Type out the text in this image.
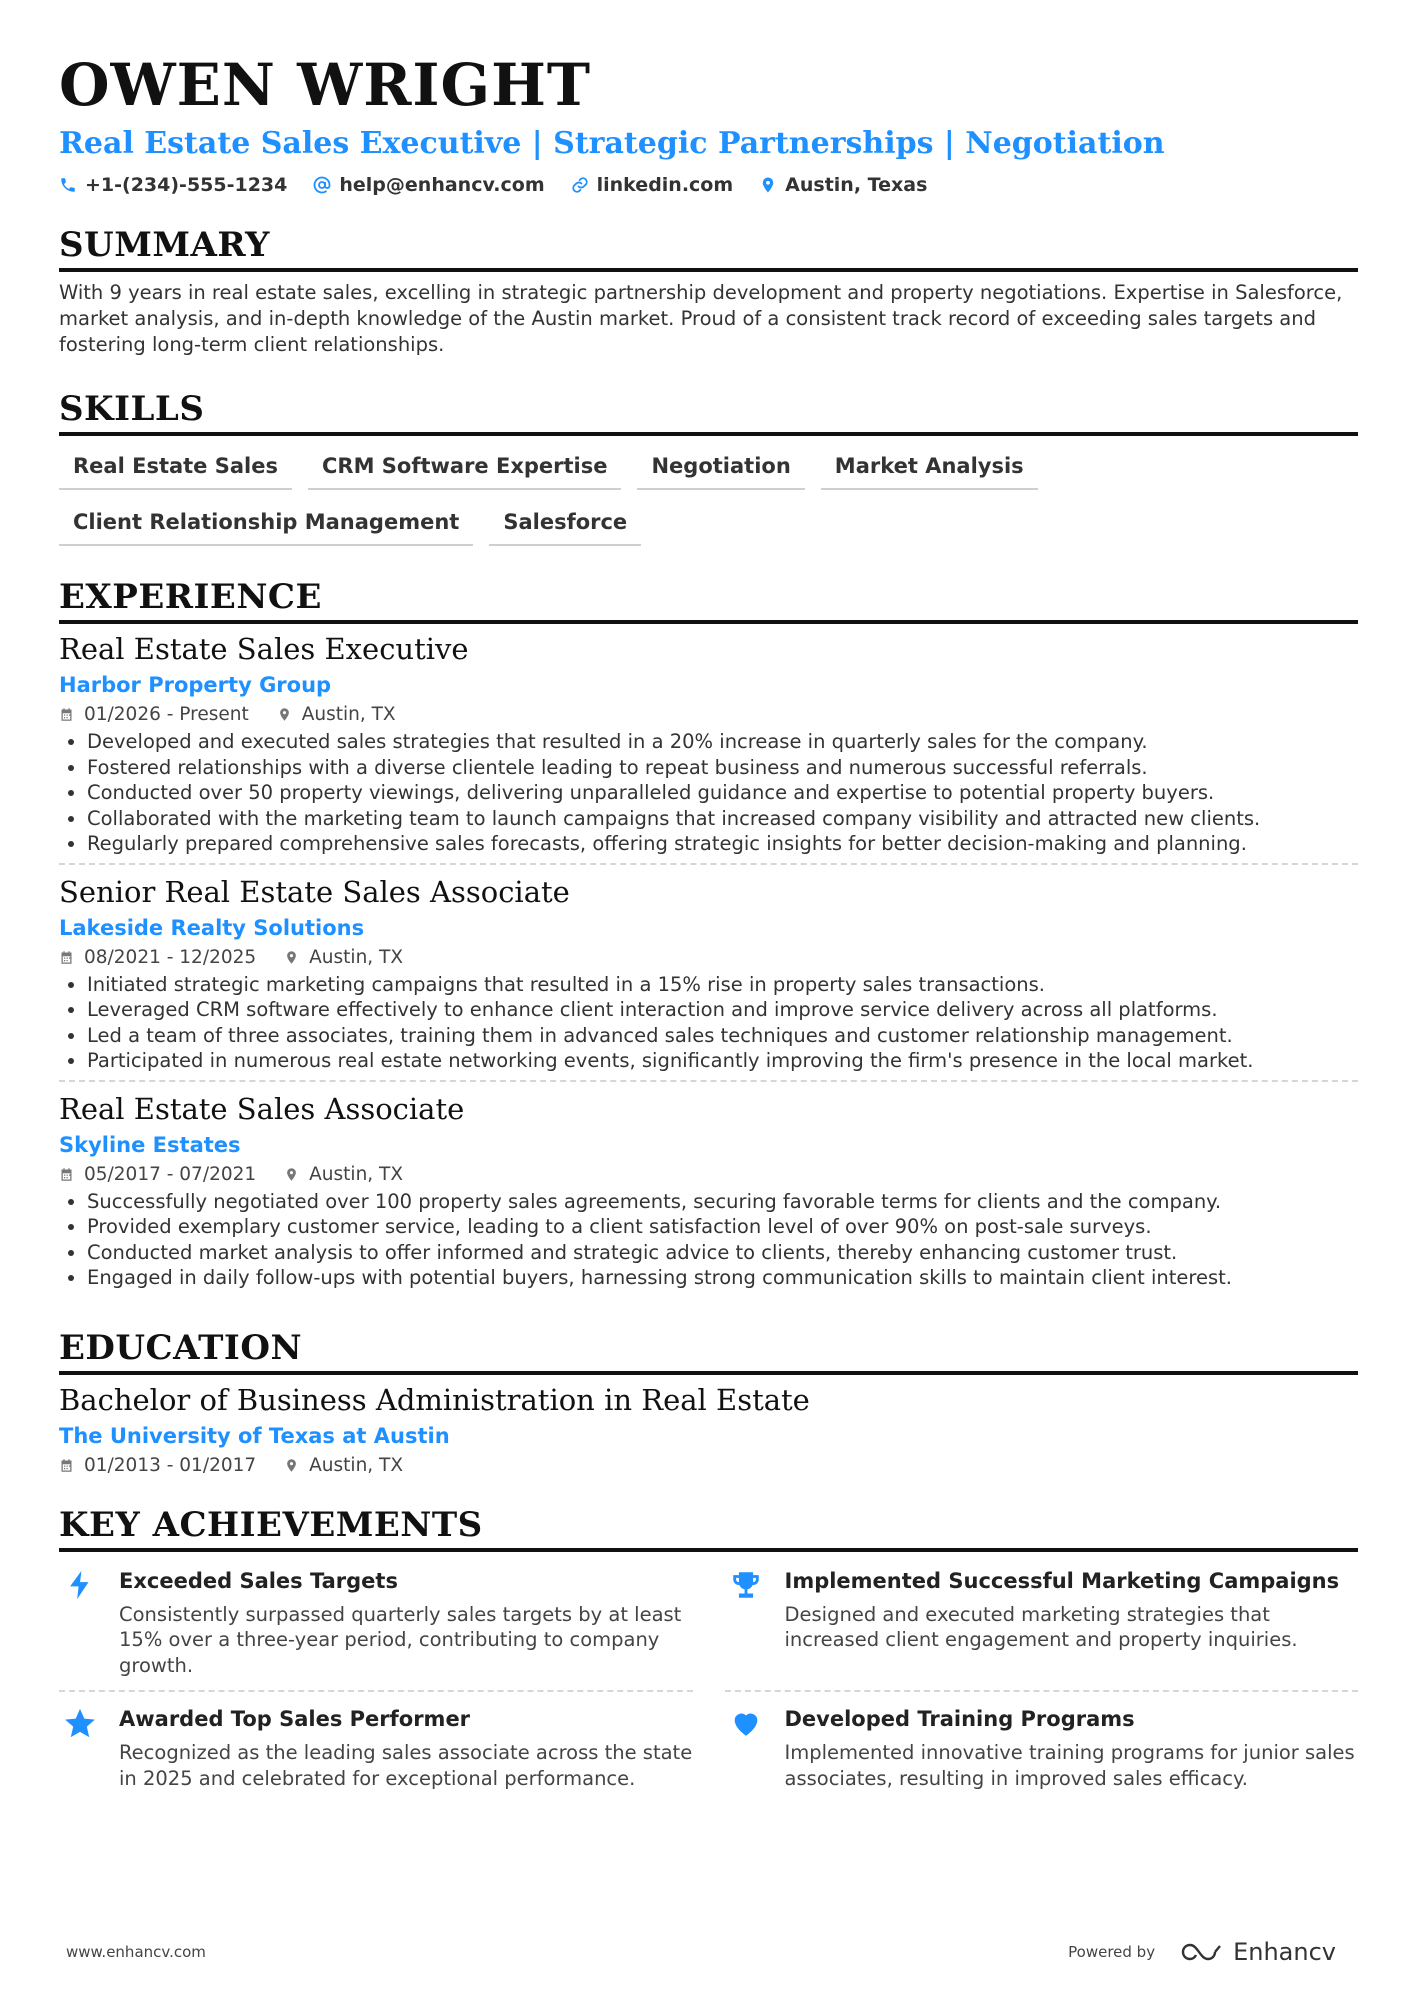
OWEN WRIGHT
Real Estate Sales Executive | Strategic Partnerships | Negotiation
+1-(234)-555-1234	help@enhancv.com	linkedin.com	Austin, Texas
SUMMARY
With 9 years in real estate sales, excelling in strategic partnership development and property negotiations. Expertise in Salesforce, market analysis, and in-depth knowledge of the Austin market. Proud of a consistent track record of exceeding sales targets and fostering long-term client relationships.
SKILLS
Real Estate Sales	CRM Software Expertise	Negotiation	Market Analysis
Client Relationship Management	Salesforce
EXPERIENCE
Real Estate Sales Executive
Harbor Property Group
01/2026 - Present	Austin, TX
• Developed and executed sales strategies that resulted in a 20% increase in quarterly sales for the company.
• Fostered relationships with a diverse clientele leading to repeat business and numerous successful referrals.
• Conducted over 50 property viewings, delivering unparalleled guidance and expertise to potential property buyers.
• Collaborated with the marketing team to launch campaigns that increased company visibility and attracted new clients.
• Regularly prepared comprehensive sales forecasts, offering strategic insights for better decision-making and planning.
Senior Real Estate Sales Associate
Lakeside Realty Solutions
08/2021 - 12/2025	Austin, TX
• Initiated strategic marketing campaigns that resulted in a 15% rise in property sales transactions.
• Leveraged CRM software effectively to enhance client interaction and improve service delivery across all platforms.
• Led a team of three associates, training them in advanced sales techniques and customer relationship management.
• Participated in numerous real estate networking events, significantly improving the firm's presence in the local market.
Real Estate Sales Associate
Skyline Estates
05/2017 - 07/2021	Austin, TX
• Successfully negotiated over 100 property sales agreements, securing favorable terms for clients and the company.
• Provided exemplary customer service, leading to a client satisfaction level of over 90% on post-sale surveys.
• Conducted market analysis to offer informed and strategic advice to clients, thereby enhancing customer trust.
• Engaged in daily follow-ups with potential buyers, harnessing strong communication skills to maintain client interest.
EDUCATION
Bachelor of Business Administration in Real Estate
The University of Texas at Austin
01/2013 - 01/2017	Austin, TX
KEY ACHIEVEMENTS
Exceeded Sales Targets
Consistently surpassed quarterly sales targets by at least 15% over a three-year period, contributing to company growth.
Implemented Successful Marketing Campaigns
Designed and executed marketing strategies that increased client engagement and property inquiries.
Awarded Top Sales Performer
Recognized as the leading sales associate across the state in 2025 and celebrated for exceptional performance.
Developed Training Programs
Implemented innovative training programs for junior sales associates, resulting in improved sales efficacy.
www.enhancv.com	Powered by	Enhancv
